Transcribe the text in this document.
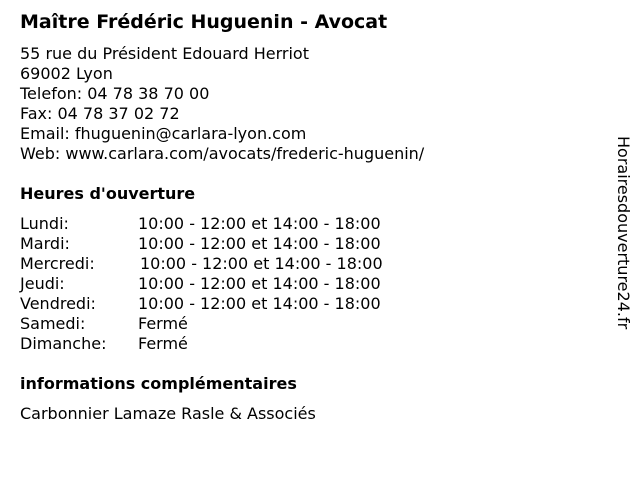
Maître Frédéric Huguenin - Avocat
55 rue du Président Edouard Herriot
69002 Lyon
Telefon: 04 78 38 70 00
Fax: 04 78 37 02 72
Email: fhuguenin@carlara-lyon.com
Web: www.carlara.com/avocats/frederic-huguenin/
Heures d'ouverture
Lundi:	10:00 - 12:00 et 14:00 - 18:00
Mardi:	10:00 - 12:00 et 14:00 - 18:00
Mercredi:	10:00 - 12:00 et 14:00 - 18:00
Jeudi:	10:00 - 12:00 et 14:00 - 18:00
Vendredi:	10:00 - 12:00 et 14:00 - 18:00
Samedi:	Fermé
Dimanche: Fermé
informations complémentaires
Carbonnier Lamaze Rasle & Associés
Horairesdouverture24.fr
